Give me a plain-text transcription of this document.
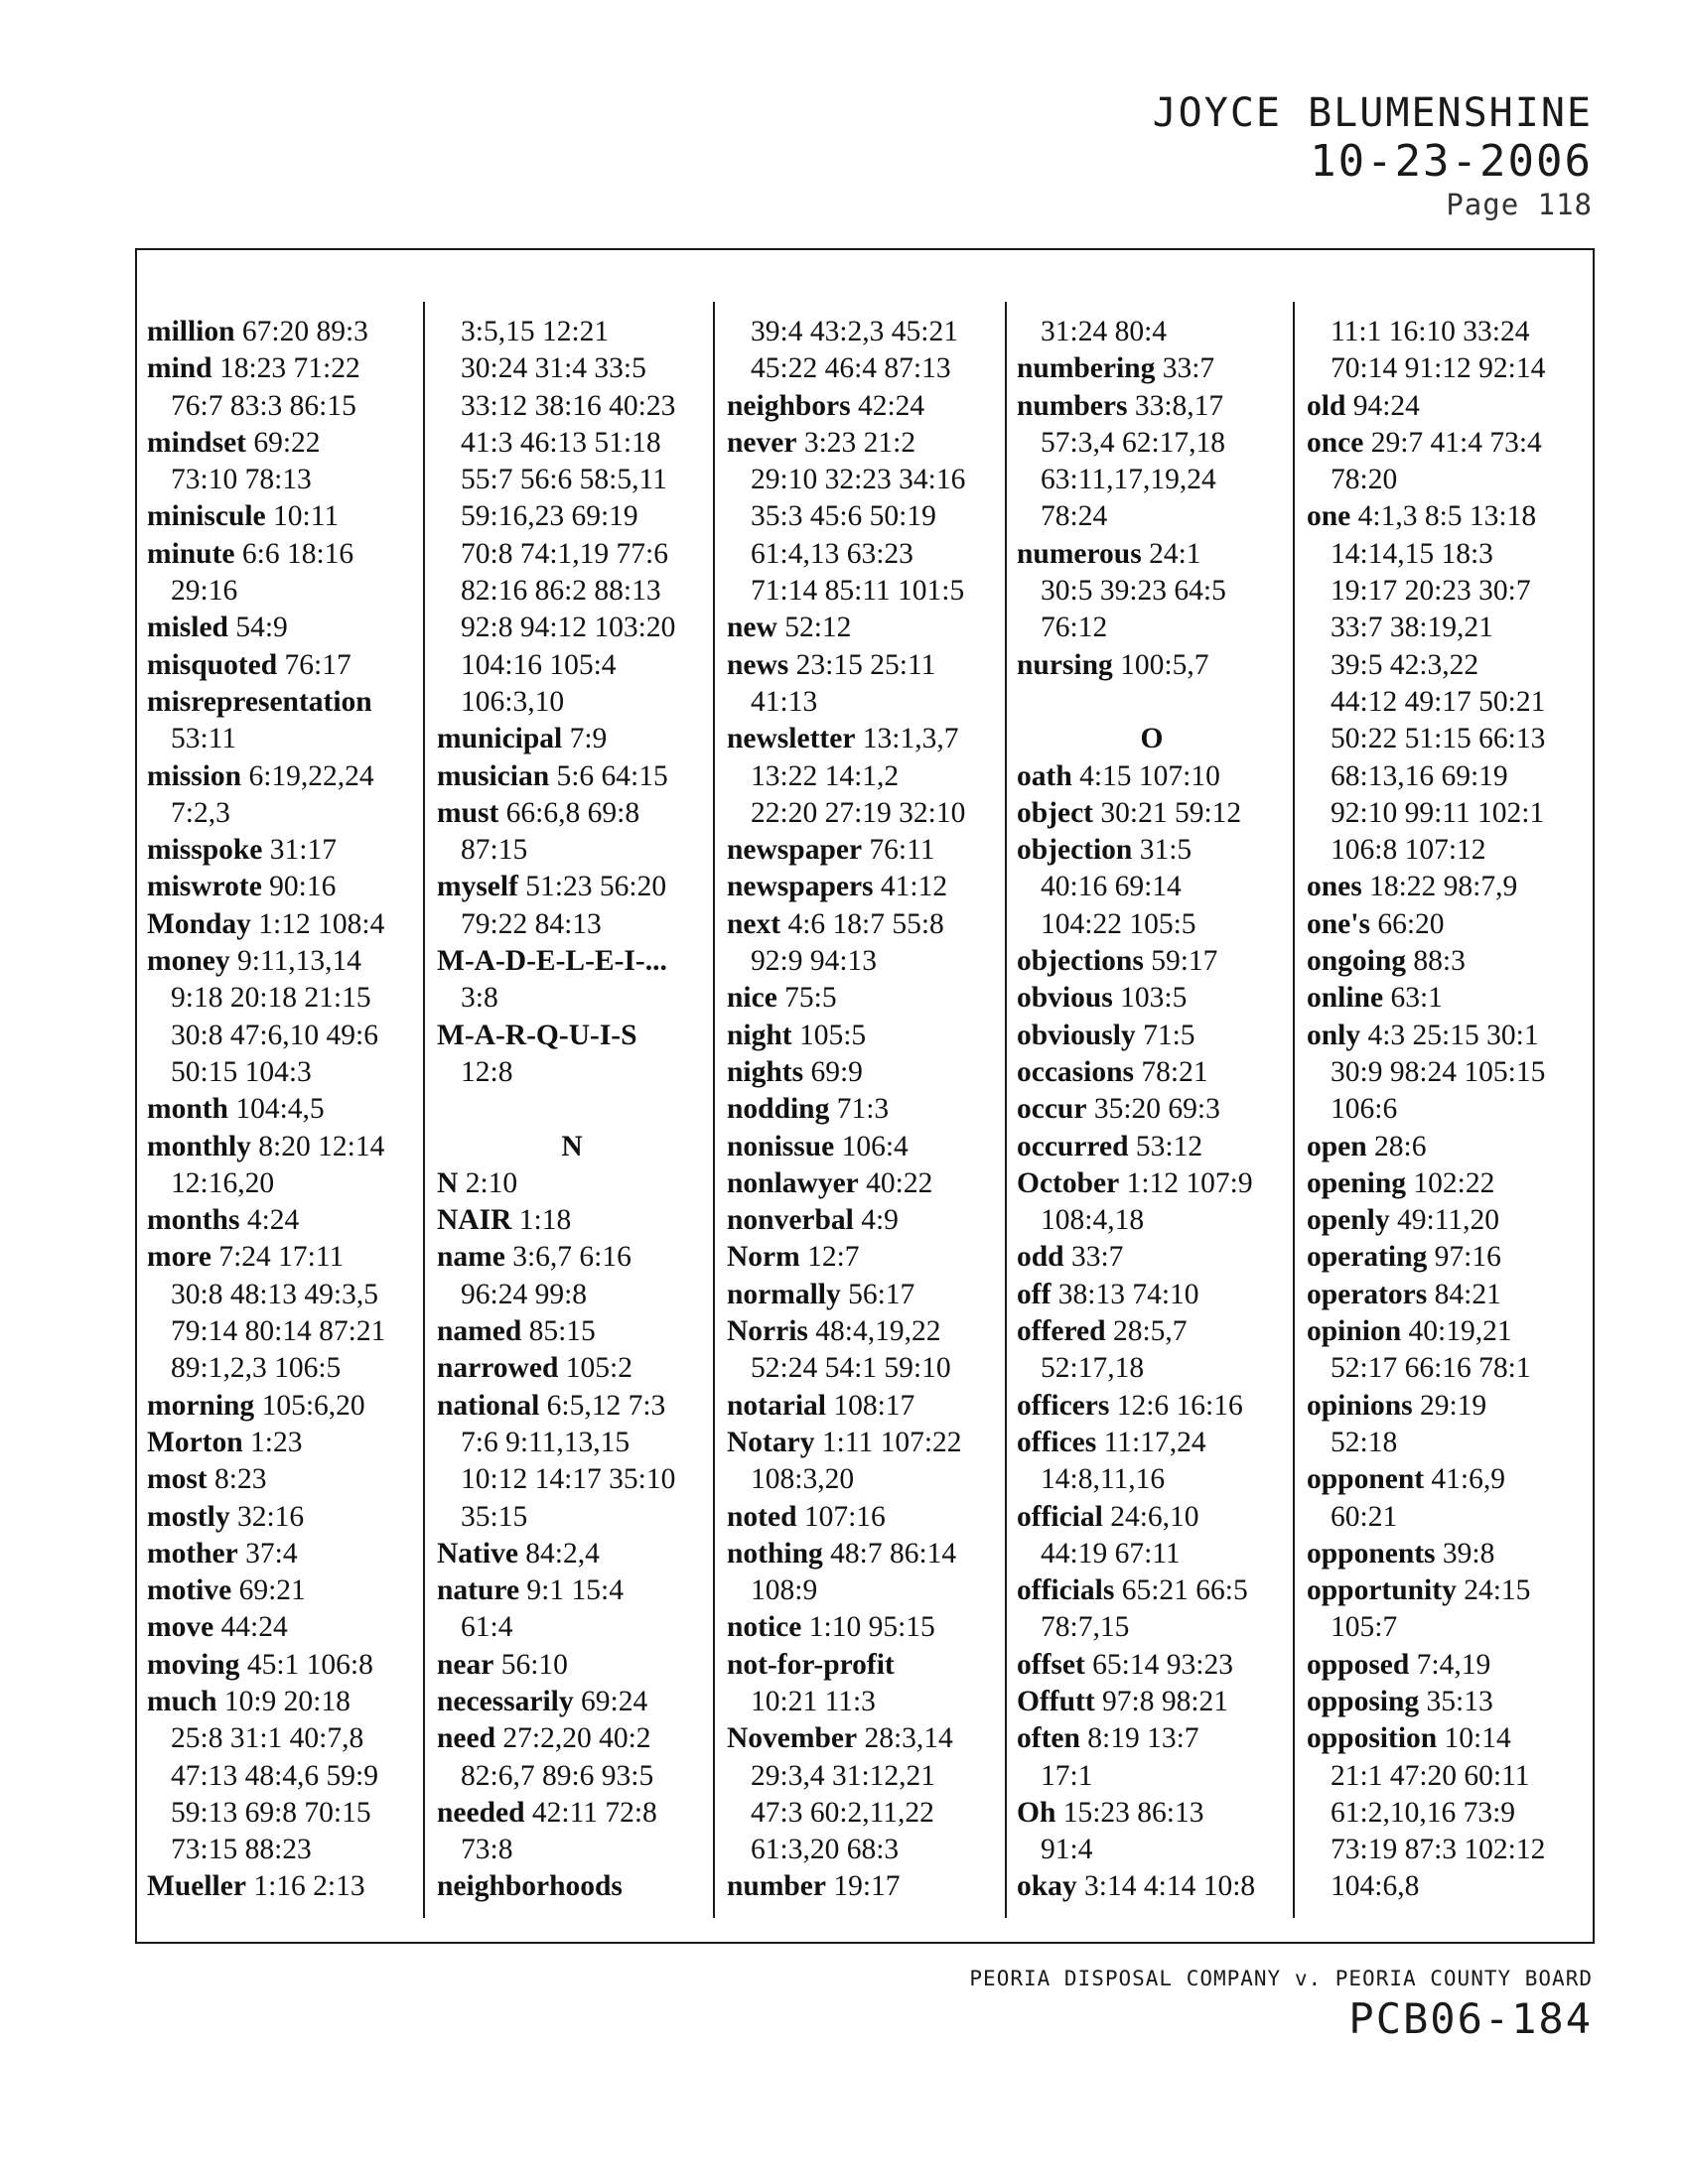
JOYCE BLUMENSHINE
10-23-2006
Page 118
million 67:20 89:3
mind 18:23 71:22
76:7 83:3 86:15
mindset 69:22
73:10 78:13
miniscule 10:11
minute 6:6 18:16
29:16
misled 54:9
misquoted 76:17
misrepresentation
53:11
mission 6:19,22,24
7:2,3
misspoke 31:17
miswrote 90:16
Monday 1:12 108:4
money 9:11,13,14
9:18 20:18 21:15
30:8 47:6,10 49:6
50:15 104:3
month 104:4,5
monthly 8:20 12:14
12:16,20
months 4:24
more 7:24 17:11
30:8 48:13 49:3,5
79:14 80:14 87:21
89:1,2,3 106:5
morning 105:6,20
Morton 1:23
most 8:23
mostly 32:16
mother 37:4
motive 69:21
move 44:24
moving 45:1 106:8
much 10:9 20:18
25:8 31:1 40:7,8
47:13 48:4,6 59:9
59:13 69:8 70:15
73:15 88:23
Mueller 1:16 2:13
3:5,15 12:21
30:24 31:4 33:5
33:12 38:16 40:23
41:3 46:13 51:18
55:7 56:6 58:5,11
59:16,23 69:19
70:8 74:1,19 77:6
82:16 86:2 88:13
92:8 94:12 103:20
104:16 105:4
106:3,10
municipal 7:9
musician 5:6 64:15
must 66:6,8 69:8
87:15
myself 51:23 56:20
79:22 84:13
M-A-D-E-L-E-I-...
3:8
M-A-R-Q-U-I-S
12:8
N
N 2:10
NAIR 1:18
name 3:6,7 6:16
96:24 99:8
named 85:15
narrowed 105:2
national 6:5,12 7:3
7:6 9:11,13,15
10:12 14:17 35:10
35:15
Native 84:2,4
nature 9:1 15:4
61:4
near 56:10
necessarily 69:24
need 27:2,20 40:2
82:6,7 89:6 93:5
needed 42:11 72:8
73:8
neighborhoods
39:4 43:2,3 45:21
45:22 46:4 87:13
neighbors 42:24
never 3:23 21:2
29:10 32:23 34:16
35:3 45:6 50:19
61:4,13 63:23
71:14 85:11 101:5
new 52:12
news 23:15 25:11
41:13
newsletter 13:1,3,7
13:22 14:1,2
22:20 27:19 32:10
newspaper 76:11
newspapers 41:12
next 4:6 18:7 55:8
92:9 94:13
nice 75:5
night 105:5
nights 69:9
nodding 71:3
nonissue 106:4
nonlawyer 40:22
nonverbal 4:9
Norm 12:7
normally 56:17
Norris 48:4,19,22
52:24 54:1 59:10
notarial 108:17
Notary 1:11 107:22
108:3,20
noted 107:16
nothing 48:7 86:14
108:9
notice 1:10 95:15
not-for-profit
10:21 11:3
November 28:3,14
29:3,4 31:12,21
47:3 60:2,11,22
61:3,20 68:3
number 19:17
31:24 80:4
numbering 33:7
numbers 33:8,17
57:3,4 62:17,18
63:11,17,19,24
78:24
numerous 24:1
30:5 39:23 64:5
76:12
nursing 100:5,7
O
oath 4:15 107:10
object 30:21 59:12
objection 31:5
40:16 69:14
104:22 105:5
objections 59:17
obvious 103:5
obviously 71:5
occasions 78:21
occur 35:20 69:3
occurred 53:12
October 1:12 107:9
108:4,18
odd 33:7
off 38:13 74:10
offered 28:5,7
52:17,18
officers 12:6 16:16
offices 11:17,24
14:8,11,16
official 24:6,10
44:19 67:11
officials 65:21 66:5
78:7,15
offset 65:14 93:23
Offutt 97:8 98:21
often 8:19 13:7
17:1
Oh 15:23 86:13
91:4
okay 3:14 4:14 10:8
11:1 16:10 33:24
70:14 91:12 92:14
old 94:24
once 29:7 41:4 73:4
78:20
one 4:1,3 8:5 13:18
14:14,15 18:3
19:17 20:23 30:7
33:7 38:19,21
39:5 42:3,22
44:12 49:17 50:21
50:22 51:15 66:13
68:13,16 69:19
92:10 99:11 102:1
106:8 107:12
ones 18:22 98:7,9
one's 66:20
ongoing 88:3
online 63:1
only 4:3 25:15 30:1
30:9 98:24 105:15
106:6
open 28:6
opening 102:22
openly 49:11,20
operating 97:16
operators 84:21
opinion 40:19,21
52:17 66:16 78:1
opinions 29:19
52:18
opponent 41:6,9
60:21
opponents 39:8
opportunity 24:15
105:7
opposed 7:4,19
opposing 35:13
opposition 10:14
21:1 47:20 60:11
61:2,10,16 73:9
73:19 87:3 102:12
104:6,8
PEORIA DISPOSAL COMPANY v. PEORIA COUNTY BOARD
PCB06-184
